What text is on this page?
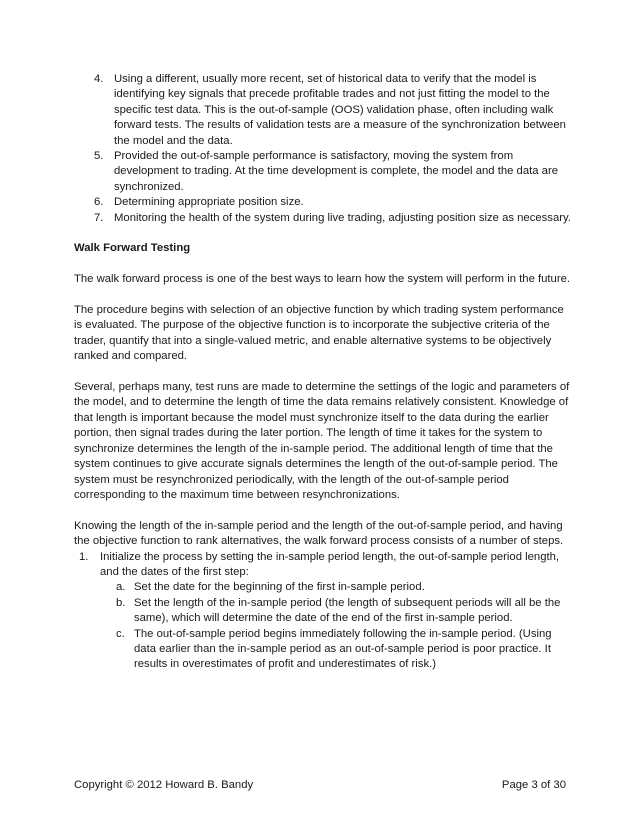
4. Using a different, usually more recent, set of historical data to verify that the model is identifying key signals that precede profitable trades and not just fitting the model to the specific test data. This is the out-of-sample (OOS) validation phase, often including walk forward tests. The results of validation tests are a measure of the synchronization between the model and the data.
5. Provided the out-of-sample performance is satisfactory, moving the system from development to trading. At the time development is complete, the model and the data are synchronized.
6. Determining appropriate position size.
7. Monitoring the health of the system during live trading, adjusting position size as necessary.

Walk Forward Testing

The walk forward process is one of the best ways to learn how the system will perform in the future.

The procedure begins with selection of an objective function by which trading system performance is evaluated. The purpose of the objective function is to incorporate the subjective criteria of the trader, quantify that into a single-valued metric, and enable alternative systems to be objectively ranked and compared.

Several, perhaps many, test runs are made to determine the settings of the logic and parameters of the model, and to determine the length of time the data remains relatively consistent. Knowledge of that length is important because the model must synchronize itself to the data during the earlier portion, then signal trades during the later portion. The length of time it takes for the system to synchronize determines the length of the in-sample period. The additional length of time that the system continues to give accurate signals determines the length of the out-of-sample period. The system must be resynchronized periodically, with the length of the out-of-sample period corresponding to the maximum time between resynchronizations.

Knowing the length of the in-sample period and the length of the out-of-sample period, and having the objective function to rank alternatives, the walk forward process consists of a number of steps.

1. Initialize the process by setting the in-sample period length, the out-of-sample period length, and the dates of the first step:
a. Set the date for the beginning of the first in-sample period.
b. Set the length of the in-sample period (the length of subsequent periods will all be the same), which will determine the date of the end of the first in-sample period.
c. The out-of-sample period begins immediately following the in-sample period. (Using data earlier than the in-sample period as an out-of-sample period is poor practice. It results in overestimates of profit and underestimates of risk.)
Copyright © 2012 Howard B. Bandy	Page 3 of 30
